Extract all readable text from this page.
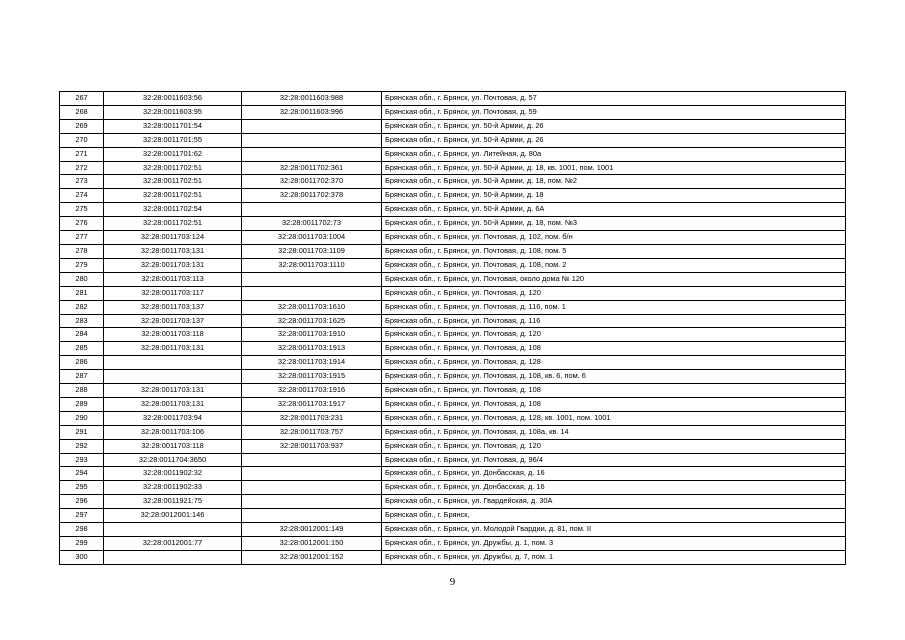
267	32:28:0011603:56	32:28:0011603:988	Брянская обл., г. Брянск, ул. Почтовая, д. 57
268	32:28:0011603:95	32:28:0011603:996	Брянская обл., г. Брянск, ул. Почтовая, д. 59
269	32:28:0011701:54		Брянская обл., г. Брянск, ул. 50-й Армии, д. 26
270	32:28:0011701:55		Брянская обл., г. Брянск, ул. 50-й Армии, д. 26
271	32:28:0011701:62		Брянская обл., г. Брянск, ул. Литейная, д. 80а
272	32:28:0011702:51	32:28:0011702:361	Брянская обл., г. Брянск, ул. 50-й Армии, д. 18, кв. 1001, пом. 1001
273	32:28:0011702:51	32:28:0011702:370	Брянская обл., г. Брянск, ул. 50-й Армии, д. 18, пом. №2
274	32:28:0011702:51	32:28:0011702:378	Брянская обл., г. Брянск, ул. 50-й Армии, д. 18
275	32:28:0011702:54		Брянская обл., г. Брянск, ул. 50-й Армии, д. 6А
276	32:28:0011702:51	32:28:0011702:73	Брянская обл., г. Брянск, ул. 50-й Армии, д. 18, пом. №3
277	32:28:0011703:124	32:28:0011703:1004	Брянская обл., г. Брянск, ул. Почтовая, д. 102, пом. б/н
278	32:28:0011703:131	32:28:0011703:1109	Брянская обл., г. Брянск, ул. Почтовая, д. 108, пом. 5
279	32:28:0011703:131	32:28:0011703:1110	Брянская обл., г. Брянск, ул. Почтовая, д. 108, пом. 2
280	32:28:0011703:113		Брянская обл., г. Брянск, ул. Почтовая, около дома № 120
281	32:28:0011703:117		Брянская обл., г. Брянск, ул. Почтовая, д. 120
282	32:28:0011703:137	32:28:0011703:1610	Брянская обл., г. Брянск, ул. Почтовая, д. 116, пом. 1
283	32:28:0011703:137	32:28:0011703:1625	Брянская обл., г. Брянск, ул. Почтовая, д. 116
284	32:28:0011703:118	32:28:0011703:1910	Брянская обл., г. Брянск, ул. Почтовая, д. 120
285	32:28:0011703:131	32:28:0011703:1913	Брянская обл., г. Брянск, ул. Почтовая, д. 108
286		32:28:0011703:1914	Брянская обл., г. Брянск, ул. Почтовая, д. 128
287		32:28:0011703:1915	Брянская обл., г. Брянск, ул. Почтовая, д. 108, кв. 6, пом. 6
288	32:28:0011703:131	32:28:0011703:1916	Брянская обл., г. Брянск, ул. Почтовая, д. 108
289	32:28:0011703:131	32:28:0011703:1917	Брянская обл., г. Брянск, ул. Почтовая, д. 108
290	32:28:0011703:94	32:28:0011703:231	Брянская обл., г. Брянск, ул. Почтовая, д. 128, кв. 1001, пом. 1001
291	32:28:0011703:106	32:28:0011703:757	Брянская обл., г. Брянск, ул. Почтовая, д. 108а, кв. 14
292	32:28:0011703:118	32:28:0011703:937	Брянская обл., г. Брянск, ул. Почтовая, д. 120
293	32:28:0011704:3650		Брянская обл., г. Брянск, ул. Почтовая, д. 96/4
294	32:28:0011902:32		Брянская обл., г. Брянск, ул. Донбасская, д. 16
295	32:28:0011902:33		Брянская обл., г. Брянск, ул. Донбасская, д. 16
296	32:28:0011921:75		Брянская обл., г. Брянск, ул. Гвардейская, д. 30А
297	32:28:0012001:146		Брянская обл., г. Брянск,
298		32:28:0012001:149	Брянская обл., г. Брянск, ул. Молодой Гвардии, д. 81, пом. II
299	32:28:0012001:77	32:28:0012001:150	Брянская обл., г. Брянск, ул. Дружбы, д. 1, пом. 3
300		32:28:0012001:152	Брянская обл., г. Брянск, ул. Дружбы, д. 7, пом. 1
9
